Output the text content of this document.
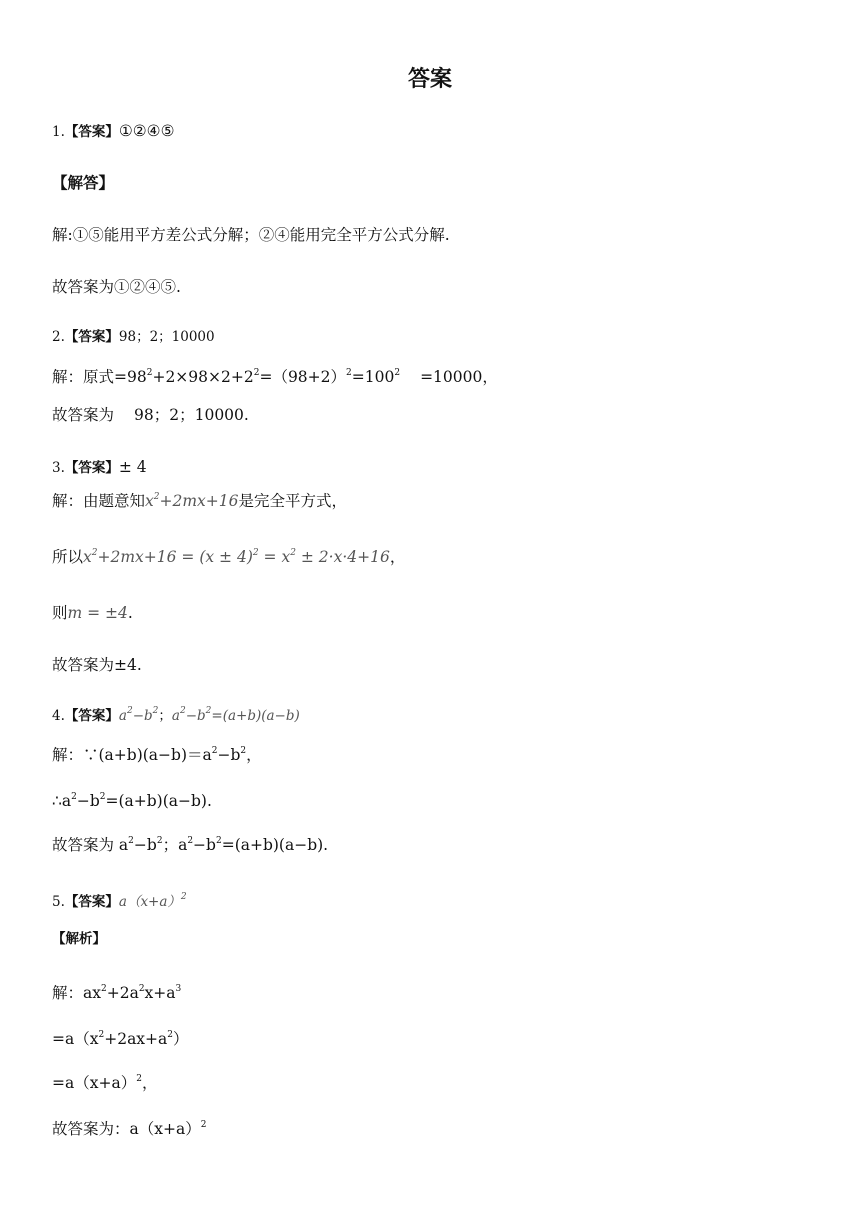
答案
1.【答案】①②④⑤
【解答】
解:①⑤能用平方差公式分解；②④能用完全平方公式分解.
故答案为①②④⑤.
2.【答案】98；2；10000
解：原式$=98^2+2\times 98\times 2+2^2=(98+2)^2=100^2 =10000$，
故答案为 98；2；10000.
3.【答案】± 4
解：由题意知$x^2+2mx+16$是完全平方式，
所以$x^2+2mx+16 = (x \pm 4)^2 = x^2 \pm 2\cdot x\cdot 4+16$，
则m = ±4.
故答案为±4.
4.【答案】$a^2-b^2$；$a^2-b^2=(a+b)(a-b)$
解：$\because(a+b)(a-b)=a^2-b^2$，
$\therefore a^2-b^2=(a+b)(a-b)$.
故答案为 $a^2-b^2$；$a^2-b^2=(a+b)(a-b)$.
5.【答案】$a(x+a)^2$
【解析】
解：$ax^2+2a^2x+a^3$
$=a(x^2+2ax+a^2)$
$=a(x+a)^2$，
故答案为：$a(x+a)^2$
